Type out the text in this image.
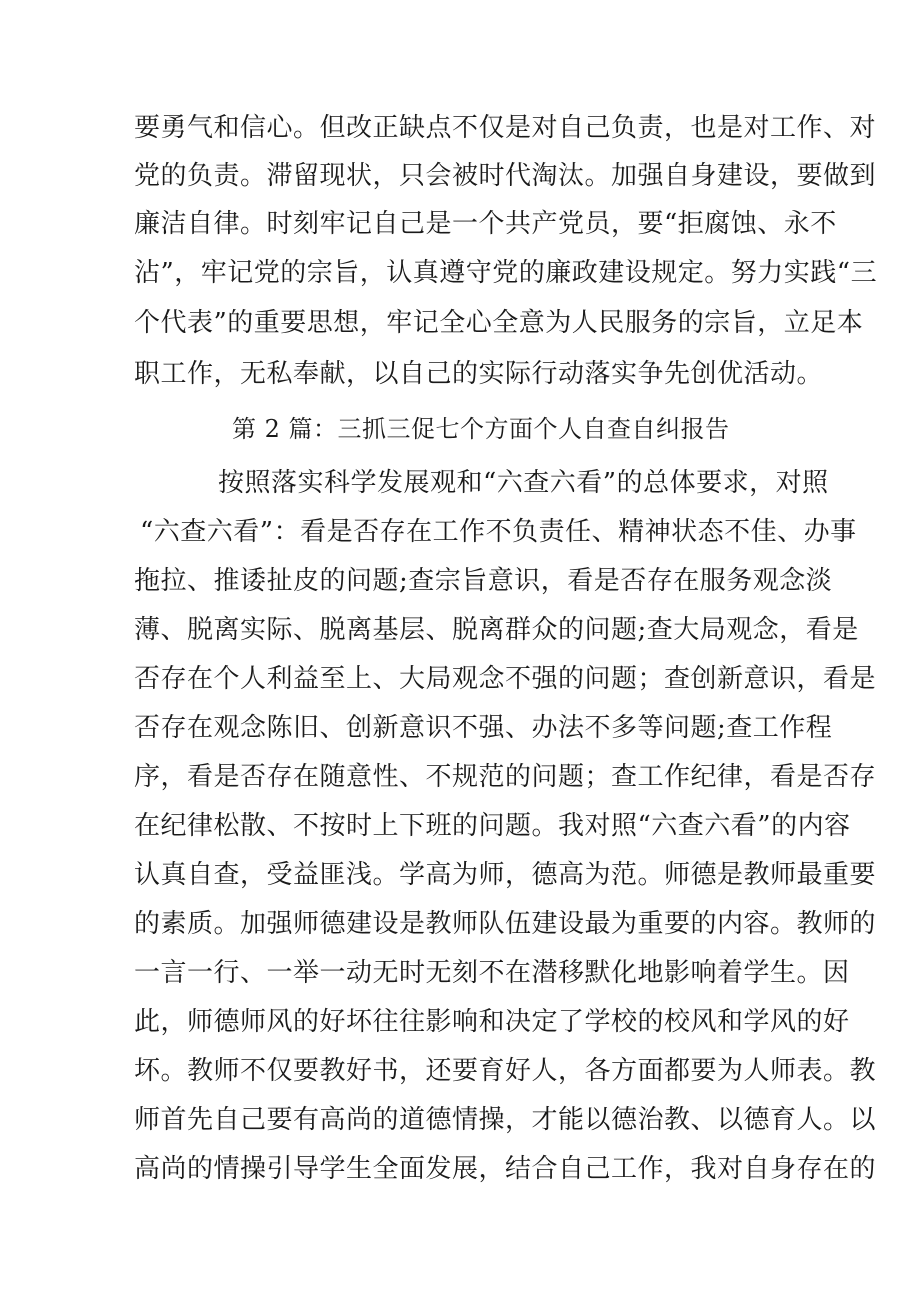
要勇气和信心。但改正缺点不仅是对自己负责，也是对工作、对
党的负责。滞留现状，只会被时代淘汰。加强自身建设，要做到
廉洁自律。时刻牢记自己是一个共产党员，要“拒腐蚀、永不
沾”，牢记党的宗旨，认真遵守党的廉政建设规定。努力实践“三
个代表”的重要思想，牢记全心全意为人民服务的宗旨，立足本
职工作，无私奉献，以自己的实际行动落实争先创优活动。
第 2 篇：三抓三促七个方面个人自查自纠报告
按照落实科学发展观和“六查六看”的总体要求，对照
“六查六看”：看是否存在工作不负责任、精神状态不佳、办事
拖拉、推诿扯皮的问题;查宗旨意识，看是否存在服务观念淡
薄、脱离实际、脱离基层、脱离群众的问题;查大局观念，看是
否存在个人利益至上、大局观念不强的问题；查创新意识，看是
否存在观念陈旧、创新意识不强、办法不多等问题;查工作程
序，看是否存在随意性、不规范的问题；查工作纪律，看是否存
在纪律松散、不按时上下班的问题。我对照“六查六看”的内容
认真自查，受益匪浅。学高为师，德高为范。师德是教师最重要
的素质。加强师德建设是教师队伍建设最为重要的内容。教师的
一言一行、一举一动无时无刻不在潜移默化地影响着学生。因
此，师德师风的好坏往往影响和决定了学校的校风和学风的好
坏。教师不仅要教好书，还要育好人，各方面都要为人师表。教
师首先自己要有高尚的道德情操，才能以德治教、以德育人。以
高尚的情操引导学生全面发展，结合自己工作，我对自身存在的
